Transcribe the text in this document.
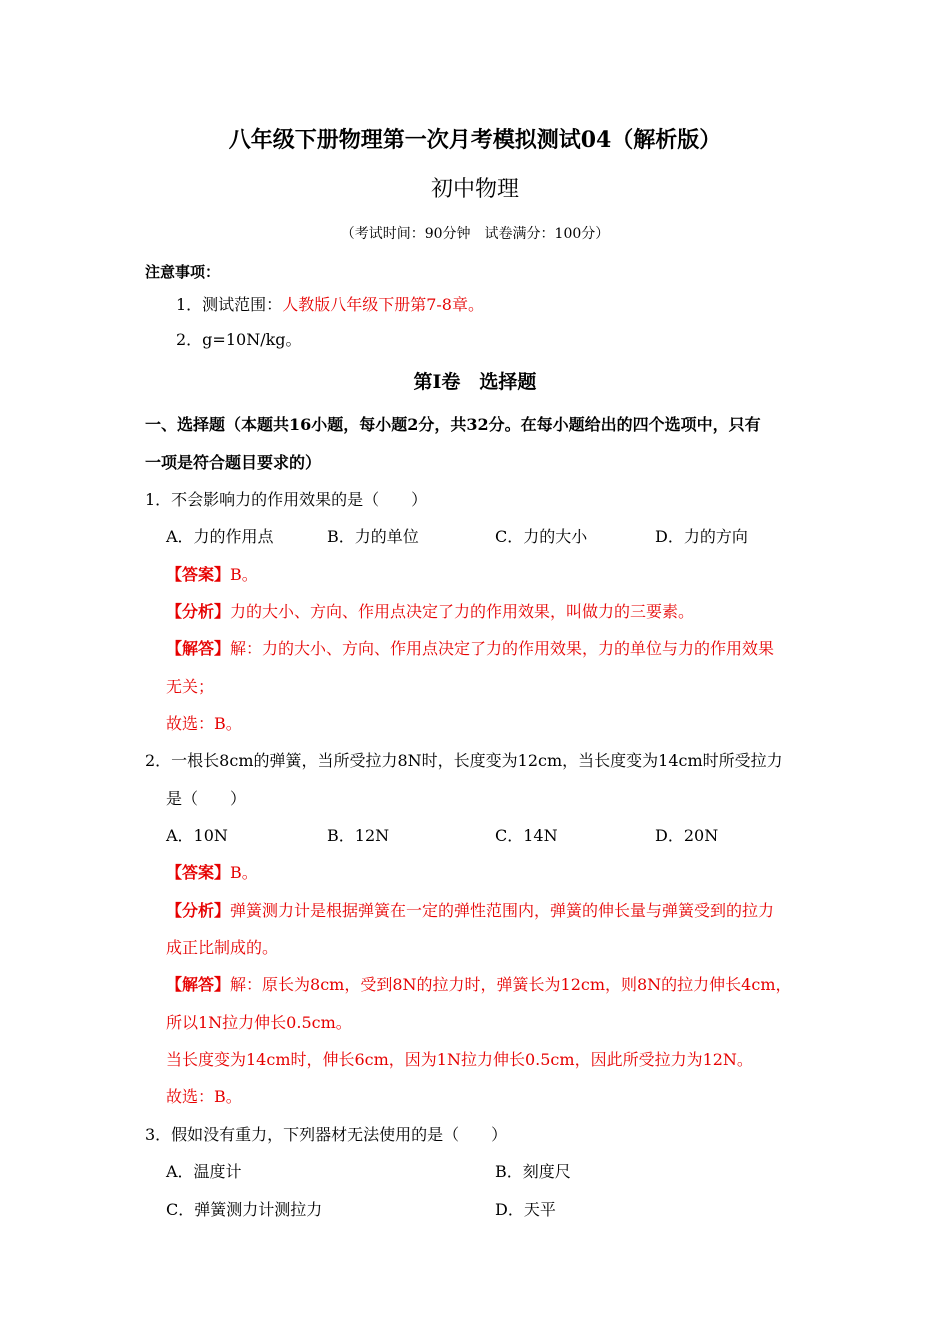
八年级下册物理第一次月考模拟测试04（解析版）
初中物理
（考试时间：90分钟　试卷满分：100分）
注意事项：
1．测试范围：人教版八年级下册第7-8章。
2．g=10N/kg。
第Ⅰ卷　选择题
一、选择题（本题共16小题，每小题2分，共32分。在每小题给出的四个选项中，只有
一项是符合题目要求的）
1．不会影响力的作用效果的是（　　）
A．力的作用点	B．力的单位	C．力的大小	D．力的方向
【答案】B。
【分析】力的大小、方向、作用点决定了力的作用效果，叫做力的三要素。
【解答】解：力的大小、方向、作用点决定了力的作用效果，力的单位与力的作用效果
无关；
故选：B。
2．一根长8cm的弹簧，当所受拉力8N时，长度变为12cm，当长度变为14cm时所受拉力
是（　　）
A．10N	B．12N	C．14N	D．20N
【答案】B。
【分析】弹簧测力计是根据弹簧在一定的弹性范围内，弹簧的伸长量与弹簧受到的拉力
成正比制成的。
【解答】解：原长为8cm，受到8N的拉力时，弹簧长为12cm，则8N的拉力伸长4cm，
所以1N拉力伸长0.5cm。
当长度变为14cm时，伸长6cm，因为1N拉力伸长0.5cm，因此所受拉力为12N。
故选：B。
3．假如没有重力，下列器材无法使用的是（　　）
A．温度计	B．刻度尺
C．弹簧测力计测拉力	D．天平
